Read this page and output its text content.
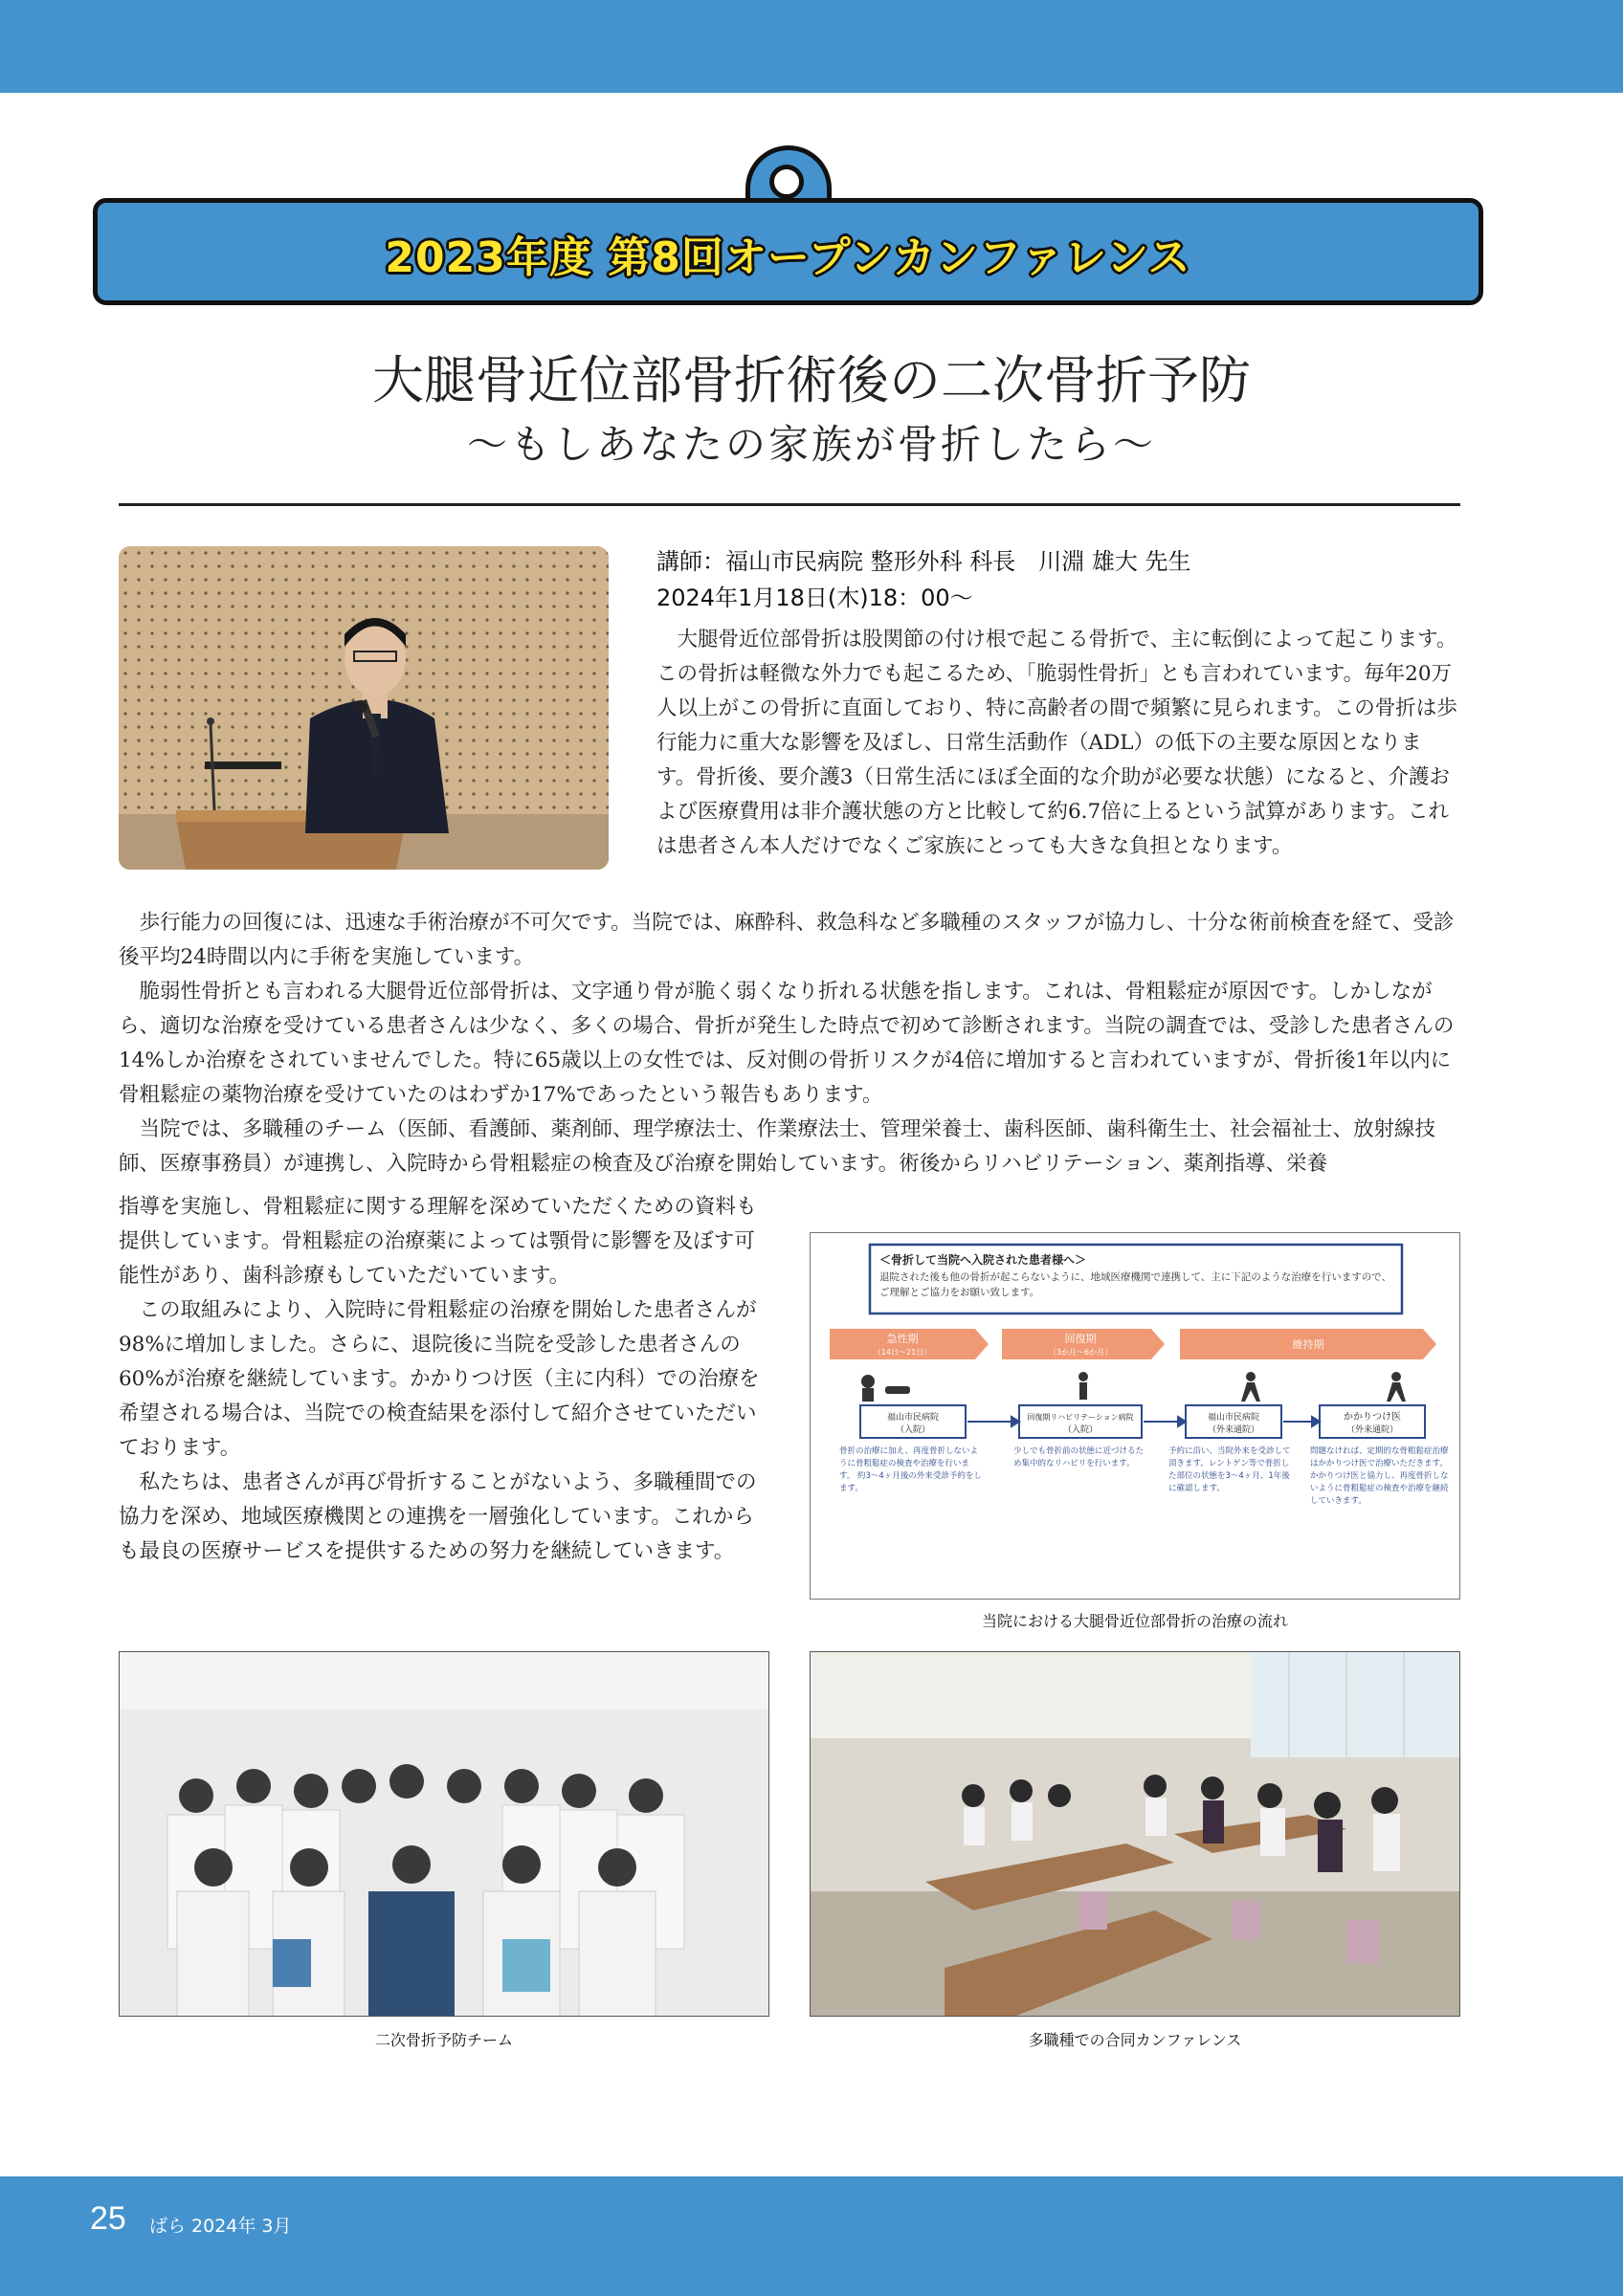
2023年度 第8回オープンカンファレンス
大腿骨近位部骨折術後の二次骨折予防
〜もしあなたの家族が骨折したら〜
講師：福山市民病院 整形外科 科長　川淵 雄大 先生
2024年1月18日(木)18：00〜

大腿骨近位部骨折は股関節の付け根で起こる骨折で、主に転倒によって起こります。この骨折は軽微な外力でも起こるため、「脆弱性骨折」とも言われています。毎年20万人以上がこの骨折に直面しており、特に高齢者の間で頻繁に見られます。この骨折は歩行能力に重大な影響を及ぼし、日常生活動作（ADL）の低下の主要な原因となります。骨折後、要介護3（日常生活にほぼ全面的な介助が必要な状態）になると、介護および医療費用は非介護状態の方と比較して約6.7倍に上るという試算があります。これは患者さん本人だけでなくご家族にとっても大きな負担となります。

歩行能力の回復には、迅速な手術治療が不可欠です。当院では、麻酔科、救急科など多職種のスタッフが協力し、十分な術前検査を経て、受診後平均24時間以内に手術を実施しています。

脆弱性骨折とも言われる大腿骨近位部骨折は、文字通り骨が脆く弱くなり折れる状態を指します。これは、骨粗鬆症が原因です。しかしながら、適切な治療を受けている患者さんは少なく、多くの場合、骨折が発生した時点で初めて診断されます。当院の調査では、受診した患者さんの14%しか治療をされていませんでした。特に65歳以上の女性では、反対側の骨折リスクが4倍に増加すると言われていますが、骨折後1年以内に骨粗鬆症の薬物治療を受けていたのはわずか17%であったという報告もあります。

当院では、多職種のチーム（医師、看護師、薬剤師、理学療法士、作業療法士、管理栄養士、歯科医師、歯科衛生士、社会福祉士、放射線技師、医療事務員）が連携し、入院時から骨粗鬆症の検査及び治療を開始しています。術後からリハビリテーション、薬剤指導、栄養

指導を実施し、骨粗鬆症に関する理解を深めていただくための資料も提供しています。骨粗鬆症の治療薬によっては顎骨に影響を及ぼす可能性があり、歯科診療もしていただいています。

この取組みにより、入院時に骨粗鬆症の治療を開始した患者さんが98%に増加しました。さらに、退院後に当院を受診した患者さんの60%が治療を継続しています。かかりつけ医（主に内科）での治療を希望される場合は、当院での検査結果を添付して紹介させていただいております。

私たちは、患者さんが再び骨折することがないよう、多職種間での協力を深め、地域医療機関との連携を一層強化しています。これからも最良の医療サービスを提供するための努力を継続していきます。

＜骨折して当院へ入院された患者様へ＞
退院された後も他の骨折が起こらないように、地域医療機関で連携して、主に下記のような治療を行いますので、ご理解とご協力をお願い致します。
急性期
（14日〜21日）
回復期
（3か月〜6か月）
維持期
福山市民病院
（入院）
回復期リハビリテーション病院
（入院）
福山市民病院
（外来通院）
かかりつけ医
（外来通院）
骨折の治療に加え、再度骨折しないように骨粗鬆症の検査や治療を行います。 約3〜4ヶ月後の外来受診予約をします。
少しでも骨折前の状態に近づけるため集中的なリハビリを行います。
予約に沿い、当院外来を受診して頂きます。レントゲン等で骨折した部位の状態を3〜4ヶ月、1年後に確認します。
問題なければ、定期的な骨粗鬆症治療はかかりつけ医で治療いただきます。 かかりつけ医と協力し、再度骨折しないように骨粗鬆症の検査や治療を継続していきます。
当院における大腿骨近位部骨折の治療の流れ
二次骨折予防チーム	多職種での合同カンファレンス
25 ばら 2024年 3月
